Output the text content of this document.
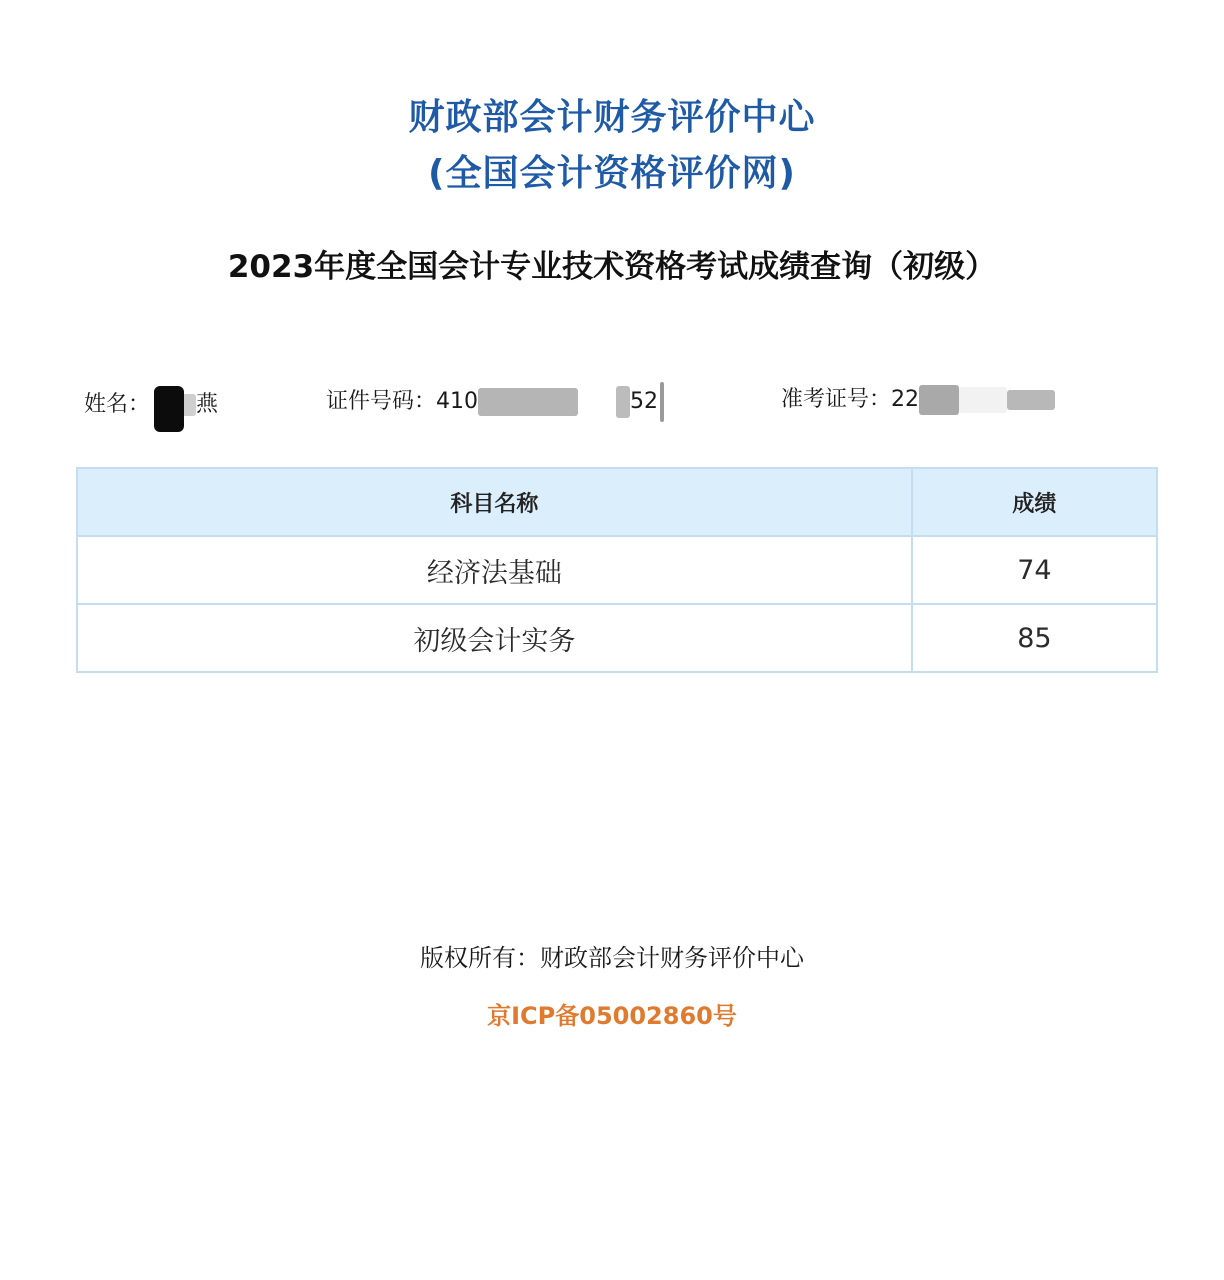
财政部会计财务评价中心
(全国会计资格评价网)
2023年度全国会计专业技术资格考试成绩查询（初级）
姓名： 燕	证件号码：410	52	准考证号：22
科目名称	成绩
经济法基础	74
初级会计实务	85
版权所有：财政部会计财务评价中心
京ICP备05002860号
